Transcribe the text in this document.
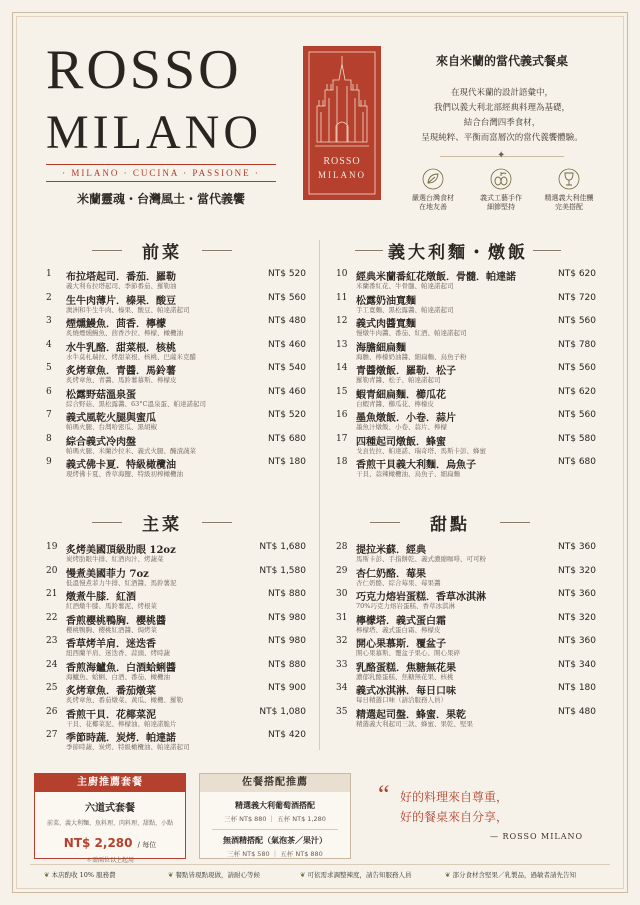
ROSSO
MILANO
· MILANO · CUCINA · PASSIONE ·
米蘭靈魂・台灣風土・當代義饗
ROSSO
MILANO
來自米蘭的當代義式餐桌
在現代米蘭的設計語彙中，
我們以義大利北部經典料理為基礎，
結合台灣四季食材，
呈現純粹、平衡而富層次的當代義饗體驗。
✦
嚴選台灣食材
在地友善
義式工藝手作
細節堅持
精選義大利佳釀
完美搭配
前菜	義大利麵・燉飯
主菜	甜點
1	布拉塔起司．番茄．羅勒	NT$ 520
義大利布拉塔起司、季節番茄、羅勒油
2	生牛肉薄片．榛果．酸豆	NT$ 560
澳洲和牛生牛肉、榛果、酸豆、帕達諾起司
3	煙燻鰻魚．茴香．檸檬	NT$ 480
炙燒煙燻鰻魚、茴香沙拉、檸檬、橄欖油
4	水牛乳酪．甜菜根．核桃	NT$ 460
水牛莫札瑞拉、烤甜菜根、核桃、巴薩米克醋
5	炙烤章魚．青醬．馬鈴薯	NT$ 540
炙烤章魚、青醬、馬鈴薯慕斯、檸檬皮
6	松露野菇溫泉蛋	NT$ 460
綜合野菇、黑松露醬、63°C溫泉蛋、帕達諾起司
7	義式風乾火腿與蜜瓜	NT$ 520
帕瑪火腿、台灣哈密瓜、黑胡椒
8	綜合義式冷肉盤	NT$ 680
帕瑪火腿、米蘭沙拉米、義式火腿、醃漬蔬菜
9	義式佛卡夏．特級橄欖油	NT$ 180
現烤佛卡夏、香草海鹽、特級初榨橄欖油
10 經典米蘭番紅花燉飯．骨髓．帕達諾	NT$ 620
米蘭番紅花、牛骨髓、帕達諾起司
11 松露奶油寬麵	NT$ 720
手工寬麵、黑松露醬、帕達諾起司
12 義式肉醬寬麵	NT$ 560
慢燉牛肉醬、番茄、紅酒、帕達諾起司
13 海膽細扁麵	NT$ 780
海膽、檸檬奶油醬、細扁麵、烏魚子粉
14 青醬燉飯．羅勒．松子	NT$ 560
羅勒青醬、松子、帕達諾起司
15 蝦青細扁麵．櫛瓜花	NT$ 620
白蝦青醬、櫛瓜花、檸檬皮
16 墨魚燉飯．小卷．蒜片	NT$ 560
墨魚汁燉飯、小卷、蒜片、檸檬
17 四種起司燉飯．蜂蜜	NT$ 580
戈貢佐拉、帕達諾、瑞奇塔、馬斯卡彭、蜂蜜
18 香煎干貝義大利麵．烏魚子	NT$ 680
干貝、蒜辣橄欖油、烏魚子、細扁麵
19 炙烤美國頂級肋眼 12oz	NT$ 1,680
炭烤肋眼牛排、紅酒肉汁、烤蔬菜
20 慢煮美國菲力 7oz	NT$ 1,580
低溫慢煮菲力牛排、紅酒醬、馬鈴薯泥
21 燉煮牛膝．紅酒	NT$ 880
紅酒燉牛膝、馬鈴薯泥、烤根菜
22 香煎櫻桃鴨胸．櫻桃醬	NT$ 980
櫻桃鴨胸、櫻桃紅酒醬、焗烤菜
23 香草烤羊肩．迷迭香	NT$ 980
紐西蘭羊肩、迷迭香、蒜頭、烤時蔬
24 香煎海鱸魚．白酒蛤蜊醬	NT$ 880
海鱸魚、蛤蜊、白酒、番茄、橄欖油
25 炙烤章魚．番茄燉菜	NT$ 900
炙烤章魚、番茄燉菜、黃瓜、橄欖、羅勒
26 香煎干貝．花椰菜泥	NT$ 1,080
干貝、花椰菜泥、檸檬油、帕達諾脆片
27 季節時蔬．炭烤．帕達諾	NT$ 420
季節時蔬、炭烤、特級橄欖油、帕達諾起司
28 提拉米蘇．經典	NT$ 360
馬斯卡彭、手指餅乾、義式濃縮咖啡、可可粉
29 杏仁奶酪．莓果	NT$ 320
杏仁奶酪、綜合莓果、莓果醬
30 巧克力熔岩蛋糕．香草冰淇淋	NT$ 360
70%巧克力熔岩蛋糕、香草冰淇淋
31 檸檬塔．義式蛋白霜	NT$ 320
檸檬塔、義式蛋白霜、檸檬皮
32 開心果慕斯．覆盆子	NT$ 360
開心果慕斯、覆盆子果心、開心果碎
33 乳酪蛋糕．焦糖無花果	NT$ 340
濃郁乳酪蛋糕、焦糖無花果、核桃
34 義式冰淇淋．每日口味	NT$ 180
每日精選口味（請洽服務人員）
35 精選起司盤．蜂蜜．果乾	NT$ 480
精選義大利起司三款、蜂蜜、果乾、堅果
主廚推薦套餐
六道式套餐
前菜、義大利麵、魚料理、肉料理、甜點、小點
NT$ 2,280 / 每位
＊需兩位以上起用
佐餐搭配推薦
精選義大利葡萄酒搭配
三杯 NT$ 880 ｜ 五杯 NT$ 1,280
無酒精搭配（氣泡茶／果汁）
三杯 NT$ 580 ｜ 五杯 NT$ 880
“ 好的料理來自尊重，
好的餐桌來自分享，
— ROSSO MILANO
❦ 本店酌收 10% 服務費	❦ 餐點皆現點現做，請耐心等候	❦ 可依需求調整辣度，請告知服務人員	❦ 部分食材含堅果／乳製品，過敏者請先告知
